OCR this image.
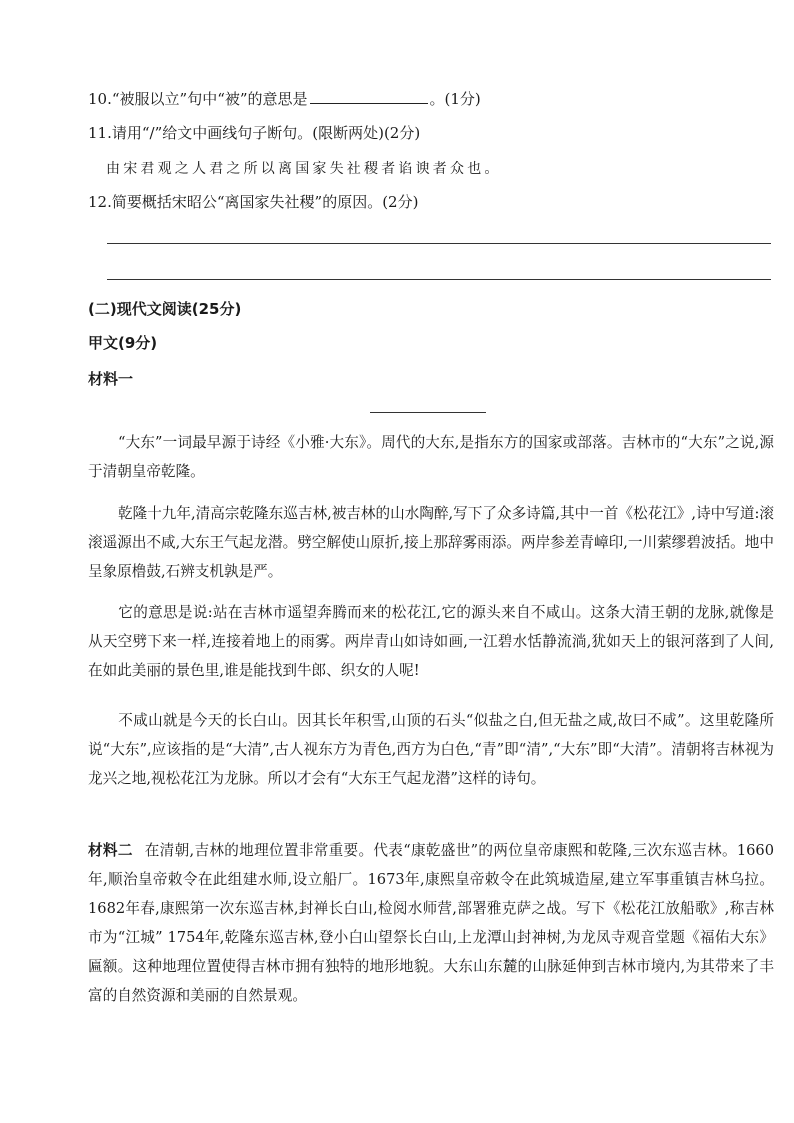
10.“被服以立”句中“被”的意思是	。(1分)
11.请用“/”给文中画线句子断句。(限断两处)(2分)
由宋君观之人君之所以离国家失社稷者谄谀者众也。
12.简要概括宋昭公“离国家失社稷”的原因。(2分)
(二)现代文阅读(25分)
甲文(9分)
材料一
“大东”一词最早源于诗经《小雅·大东》。周代的大东,是指东方的国家或部落。吉林市的“大东”之说,源于清朝皇帝乾隆。
乾隆十九年,清高宗乾隆东巡吉林,被吉林的山水陶醉,写下了众多诗篇,其中一首《松花江》,诗中写道:滚滚遥源出不咸,大东王气起龙潜。劈空解使山原折,接上那辞雾雨添。两岸参差青嶂印,一川萦缪碧波括。地中呈象原橹鼓,石辨支机孰是严。
它的意思是说:站在吉林市遥望奔腾而来的松花江,它的源头来自不咸山。这条大清王朝的龙脉,就像是从天空劈下来一样,连接着地上的雨雾。两岸青山如诗如画,一江碧水恬静流淌,犹如天上的银河落到了人间,在如此美丽的景色里,谁是能找到牛郎、织女的人呢!
不咸山就是今天的长白山。因其长年积雪,山顶的石头“似盐之白,但无盐之咸,故曰不咸”。这里乾隆所说“大东”,应该指的是“大清”,古人视东方为青色,西方为白色,“青”即“清”,“大东”即“大清”。清朝将吉林视为龙兴之地,视松花江为龙脉。所以才会有“大东王气起龙潜”这样的诗句。
材料二 在清朝,吉林的地理位置非常重要。代表“康乾盛世”的两位皇帝康熙和乾隆,三次东巡吉林。1660年,顺治皇帝敕令在此组建水师,设立船厂。1673年,康熙皇帝敕令在此筑城造屋,建立军事重镇吉林乌拉。1682年春,康熙第一次东巡吉林,封禅长白山,检阅水师营,部署雅克萨之战。写下《松花江放船歌》,称吉林市为“江城” 1754年,乾隆东巡吉林,登小白山望祭长白山,上龙潭山封神树,为龙凤寺观音堂题《福佑大东》匾额。这种地理位置使得吉林市拥有独特的地形地貌。大东山东麓的山脉延伸到吉林市境内,为其带来了丰富的自然资源和美丽的自然景观。
